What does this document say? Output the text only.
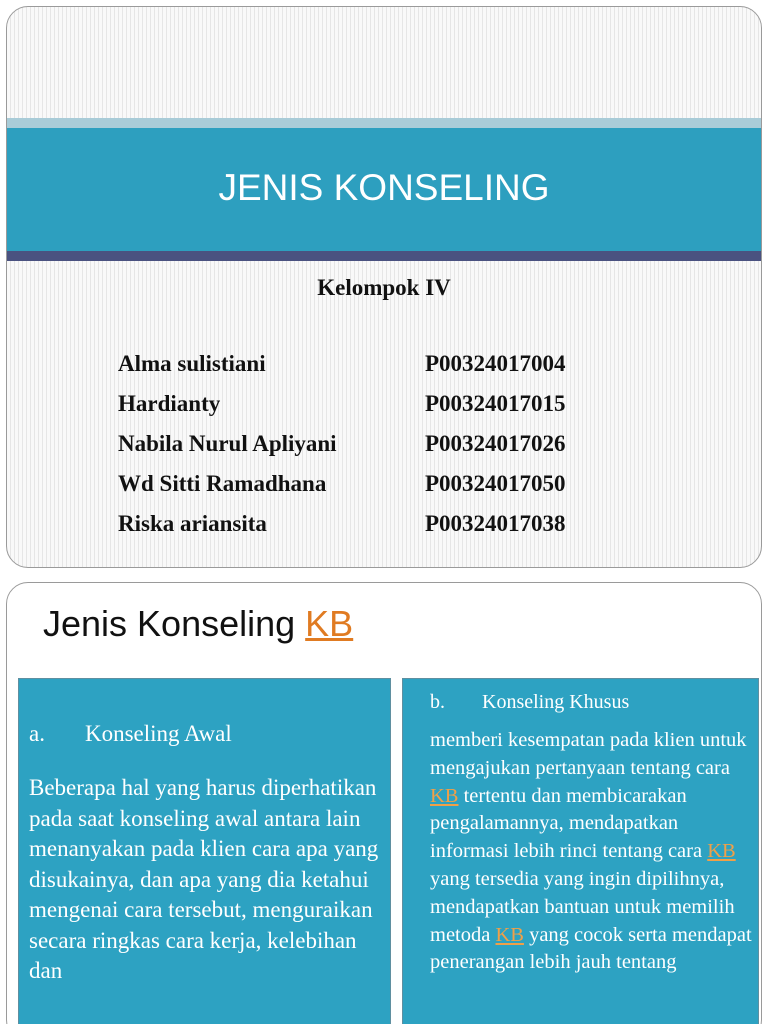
JENIS KONSELING
Kelompok IV
Alma sulistiani	P00324017004
Hardianty	P00324017015
Nabila Nurul Apliyani	P00324017026
Wd Sitti Ramadhana	P00324017050
Riska ariansita	P00324017038
Jenis Konseling KB
a.	Konseling Awal
Beberapa hal yang harus diperhatikan pada saat konseling awal antara lain menanyakan pada klien cara apa yang disukainya, dan apa yang dia ketahui mengenai cara tersebut, menguraikan secara ringkas cara kerja, kelebihan dan
b.	Konseling Khusus
memberi kesempatan pada klien untuk mengajukan pertanyaan tentang cara KB tertentu dan membicarakan pengalamannya, mendapatkan informasi lebih rinci tentang cara KB yang tersedia yang ingin dipilihnya, mendapatkan bantuan untuk memilih metoda KB yang cocok serta mendapat penerangan lebih jauh tentang
